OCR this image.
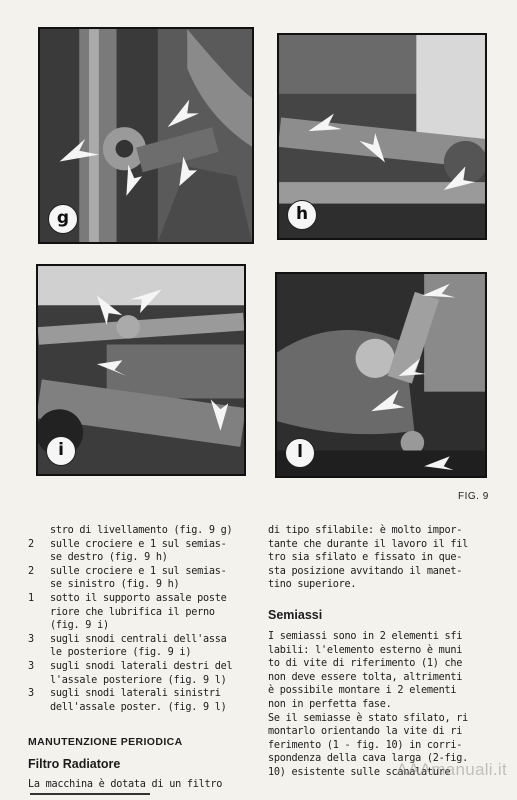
g	h
i	l
FIG. 9
stro di livellamento (fig. 9 g)
2	sulle crociere e 1 sul semias-
se destro (fig. 9 h)
2	sulle crociere e 1 sul semias-
se sinistro (fig. 9 h)
1	sotto il supporto assale poste
riore che lubrifica il perno
(fig. 9 i)
3	sugli snodi centrali dell'assa
le posteriore (fig. 9 i)
3	sugli snodi laterali destri del
l'assale posteriore (fig. 9 l)
3	sugli snodi laterali sinistri
dell'assale poster. (fig. 9 l)
MANUTENZIONE PERIODICA
Filtro Radiatore
La macchina è dotata di un filtro
di tipo sfilabile: è molto impor-
tante che durante il lavoro il fil
tro sia sfilato e fissato in que-
sta posizione avvitando il manet-
tino superiore.
Semiassi
I semiassi sono in 2 elementi sfi
labili: l'elemento esterno è muni
to di vite di riferimento (1) che
non deve essere tolta, altrimenti
è possibile montare i 2 elementi
non in perfetta fase.
Se il semiasse è stato sfilato, ri
montarlo orientando la vite di ri
ferimento (1 - fig. 10) in corri-
spondenza della cava larga (2-fig.
10) esistente sulle scanalature
AAAmanuali.it
